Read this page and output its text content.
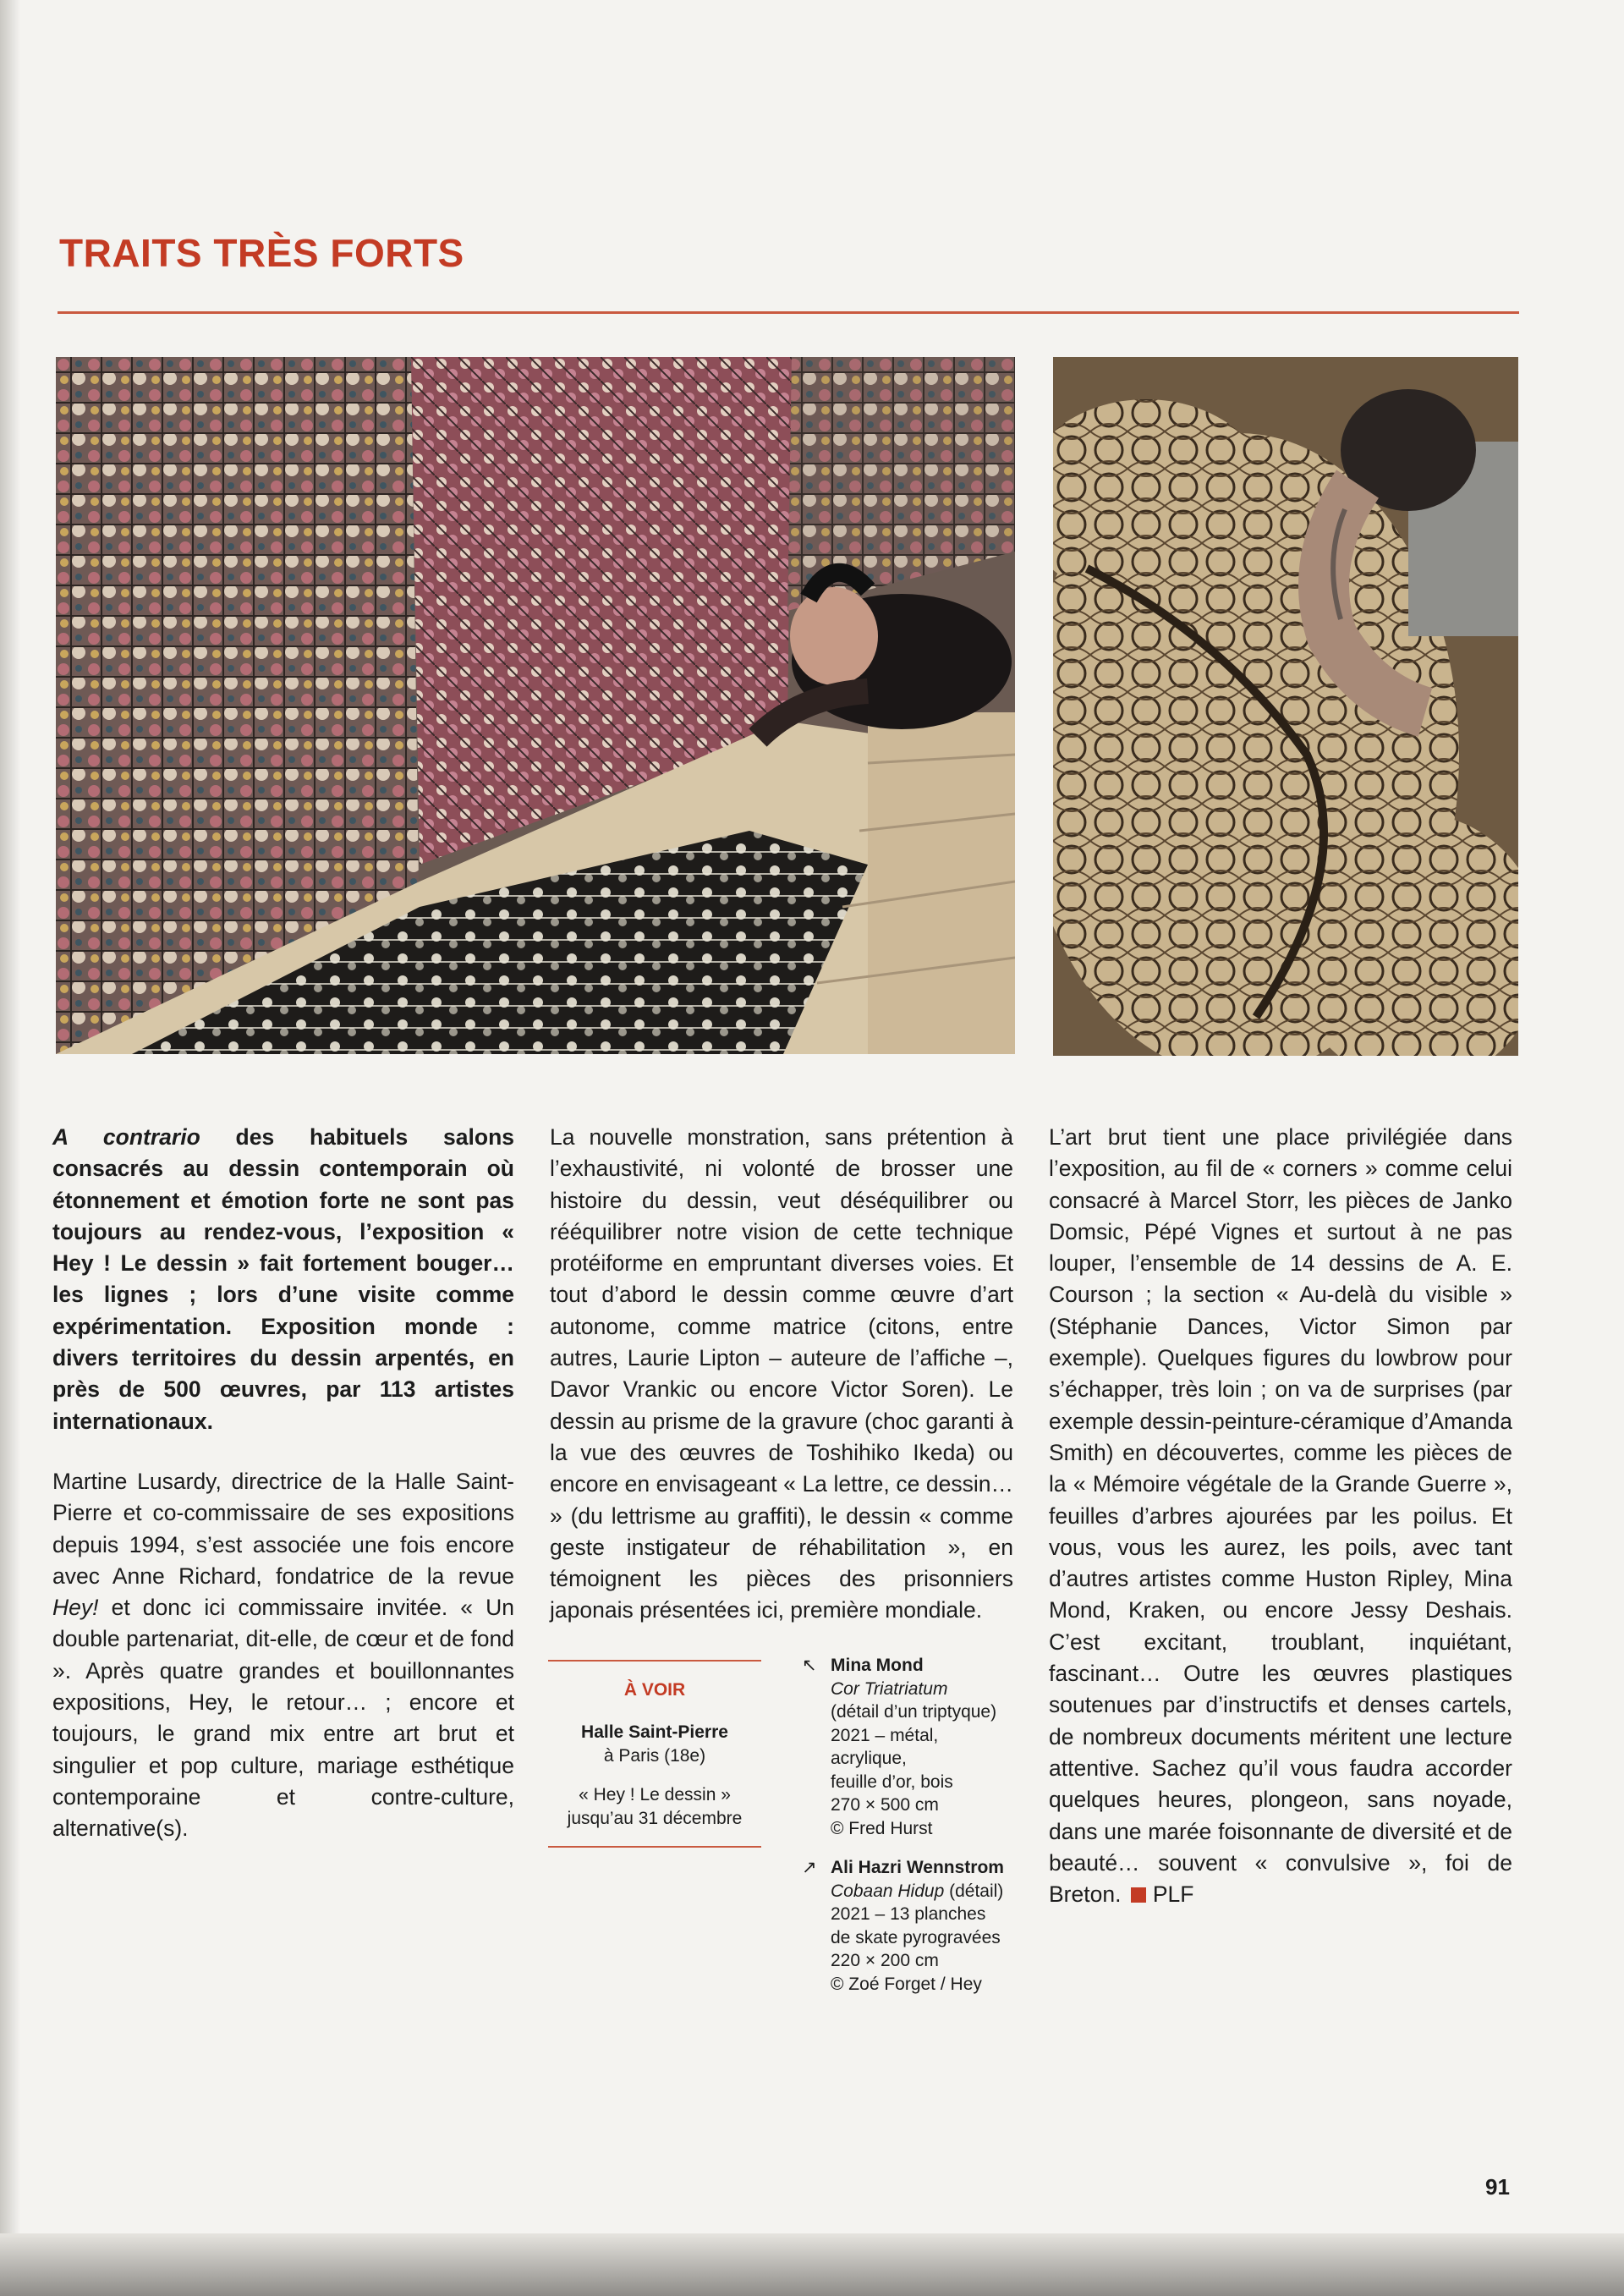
TRAITS TRÈS FORTS

A contrario des habituels salons consacrés au dessin contemporain où étonnement et émotion forte ne sont pas toujours au rendez-vous, l’exposition « Hey ! Le dessin » fait fortement bouger… les lignes ; lors d’une visite comme expérimentation. Exposition monde : divers territoires du dessin arpentés, en près de 500 œuvres, par 113 artistes internationaux.

Martine Lusardy, directrice de la Halle Saint-Pierre et co-commissaire de ses expositions depuis 1994, s’est associée une fois encore avec Anne Richard, fondatrice de la revue Hey! et donc ici commissaire invitée. « Un double partenariat, dit-elle, de cœur et de fond ». Après quatre grandes et bouillonnantes expositions, Hey, le retour… ; encore et toujours, le grand mix entre art brut et singulier et pop culture, mariage esthétique contemporaine et contre-culture, alternative(s).

La nouvelle monstration, sans prétention à l’exhaustivité, ni volonté de brosser une histoire du dessin, veut déséquilibrer ou rééquilibrer notre vision de cette technique protéiforme en empruntant diverses voies. Et tout d’abord le dessin comme œuvre d’art autonome, comme matrice (citons, entre autres, Laurie Lipton – auteure de l’affiche –, Davor Vrankic ou encore Victor Soren). Le dessin au prisme de la gravure (choc garanti à la vue des œuvres de Toshihiko Ikeda) ou encore en envisageant « La lettre, ce dessin… » (du lettrisme au graffiti), le dessin « comme geste instigateur de réhabilitation », en témoignent les pièces des prisonniers japonais présentées ici, première mondiale.

L’art brut tient une place privilégiée dans l’exposition, au fil de « corners » comme celui consacré à Marcel Storr, les pièces de Janko Domsic, Pépé Vignes et surtout à ne pas louper, l’ensemble de 14 dessins de A. E. Courson ; la section « Au-delà du visible » (Stéphanie Dances, Victor Simon par exemple). Quelques figures du lowbrow pour s’échapper, très loin ; on va de surprises (par exemple dessin-peinture-céramique d’Amanda Smith) en découvertes, comme les pièces de la « Mémoire végétale de la Grande Guerre », feuilles d’arbres ajourées par les poilus. Et vous, vous les aurez, les poils, avec tant d’autres artistes comme Huston Ripley, Mina Mond, Kraken, ou encore Jessy Deshais. C’est excitant, troublant, inquiétant, fascinant… Outre les œuvres plastiques soutenues par d’instructifs et denses cartels, de nombreux documents méritent une lecture attentive. Sachez qu’il vous faudra accorder quelques heures, plongeon, sans noyade, dans une marée foisonnante de diversité et de beauté… souvent « convulsive », foi de Breton. PLF

À VOIR
Halle Saint-Pierre
à Paris (18e)
« Hey ! Le dessin »
jusqu’au 31 décembre
↖ Mina Mond
Cor Triatriatum
(détail d’un triptyque)
2021 – métal,
acrylique,
feuille d’or, bois
270 × 500 cm
© Fred Hurst
↗ Ali Hazri Wennstrom
Cobaan Hidup (détail)
2021 – 13 planches
de skate pyrogravées
220 × 200 cm
© Zoé Forget / Hey
91
